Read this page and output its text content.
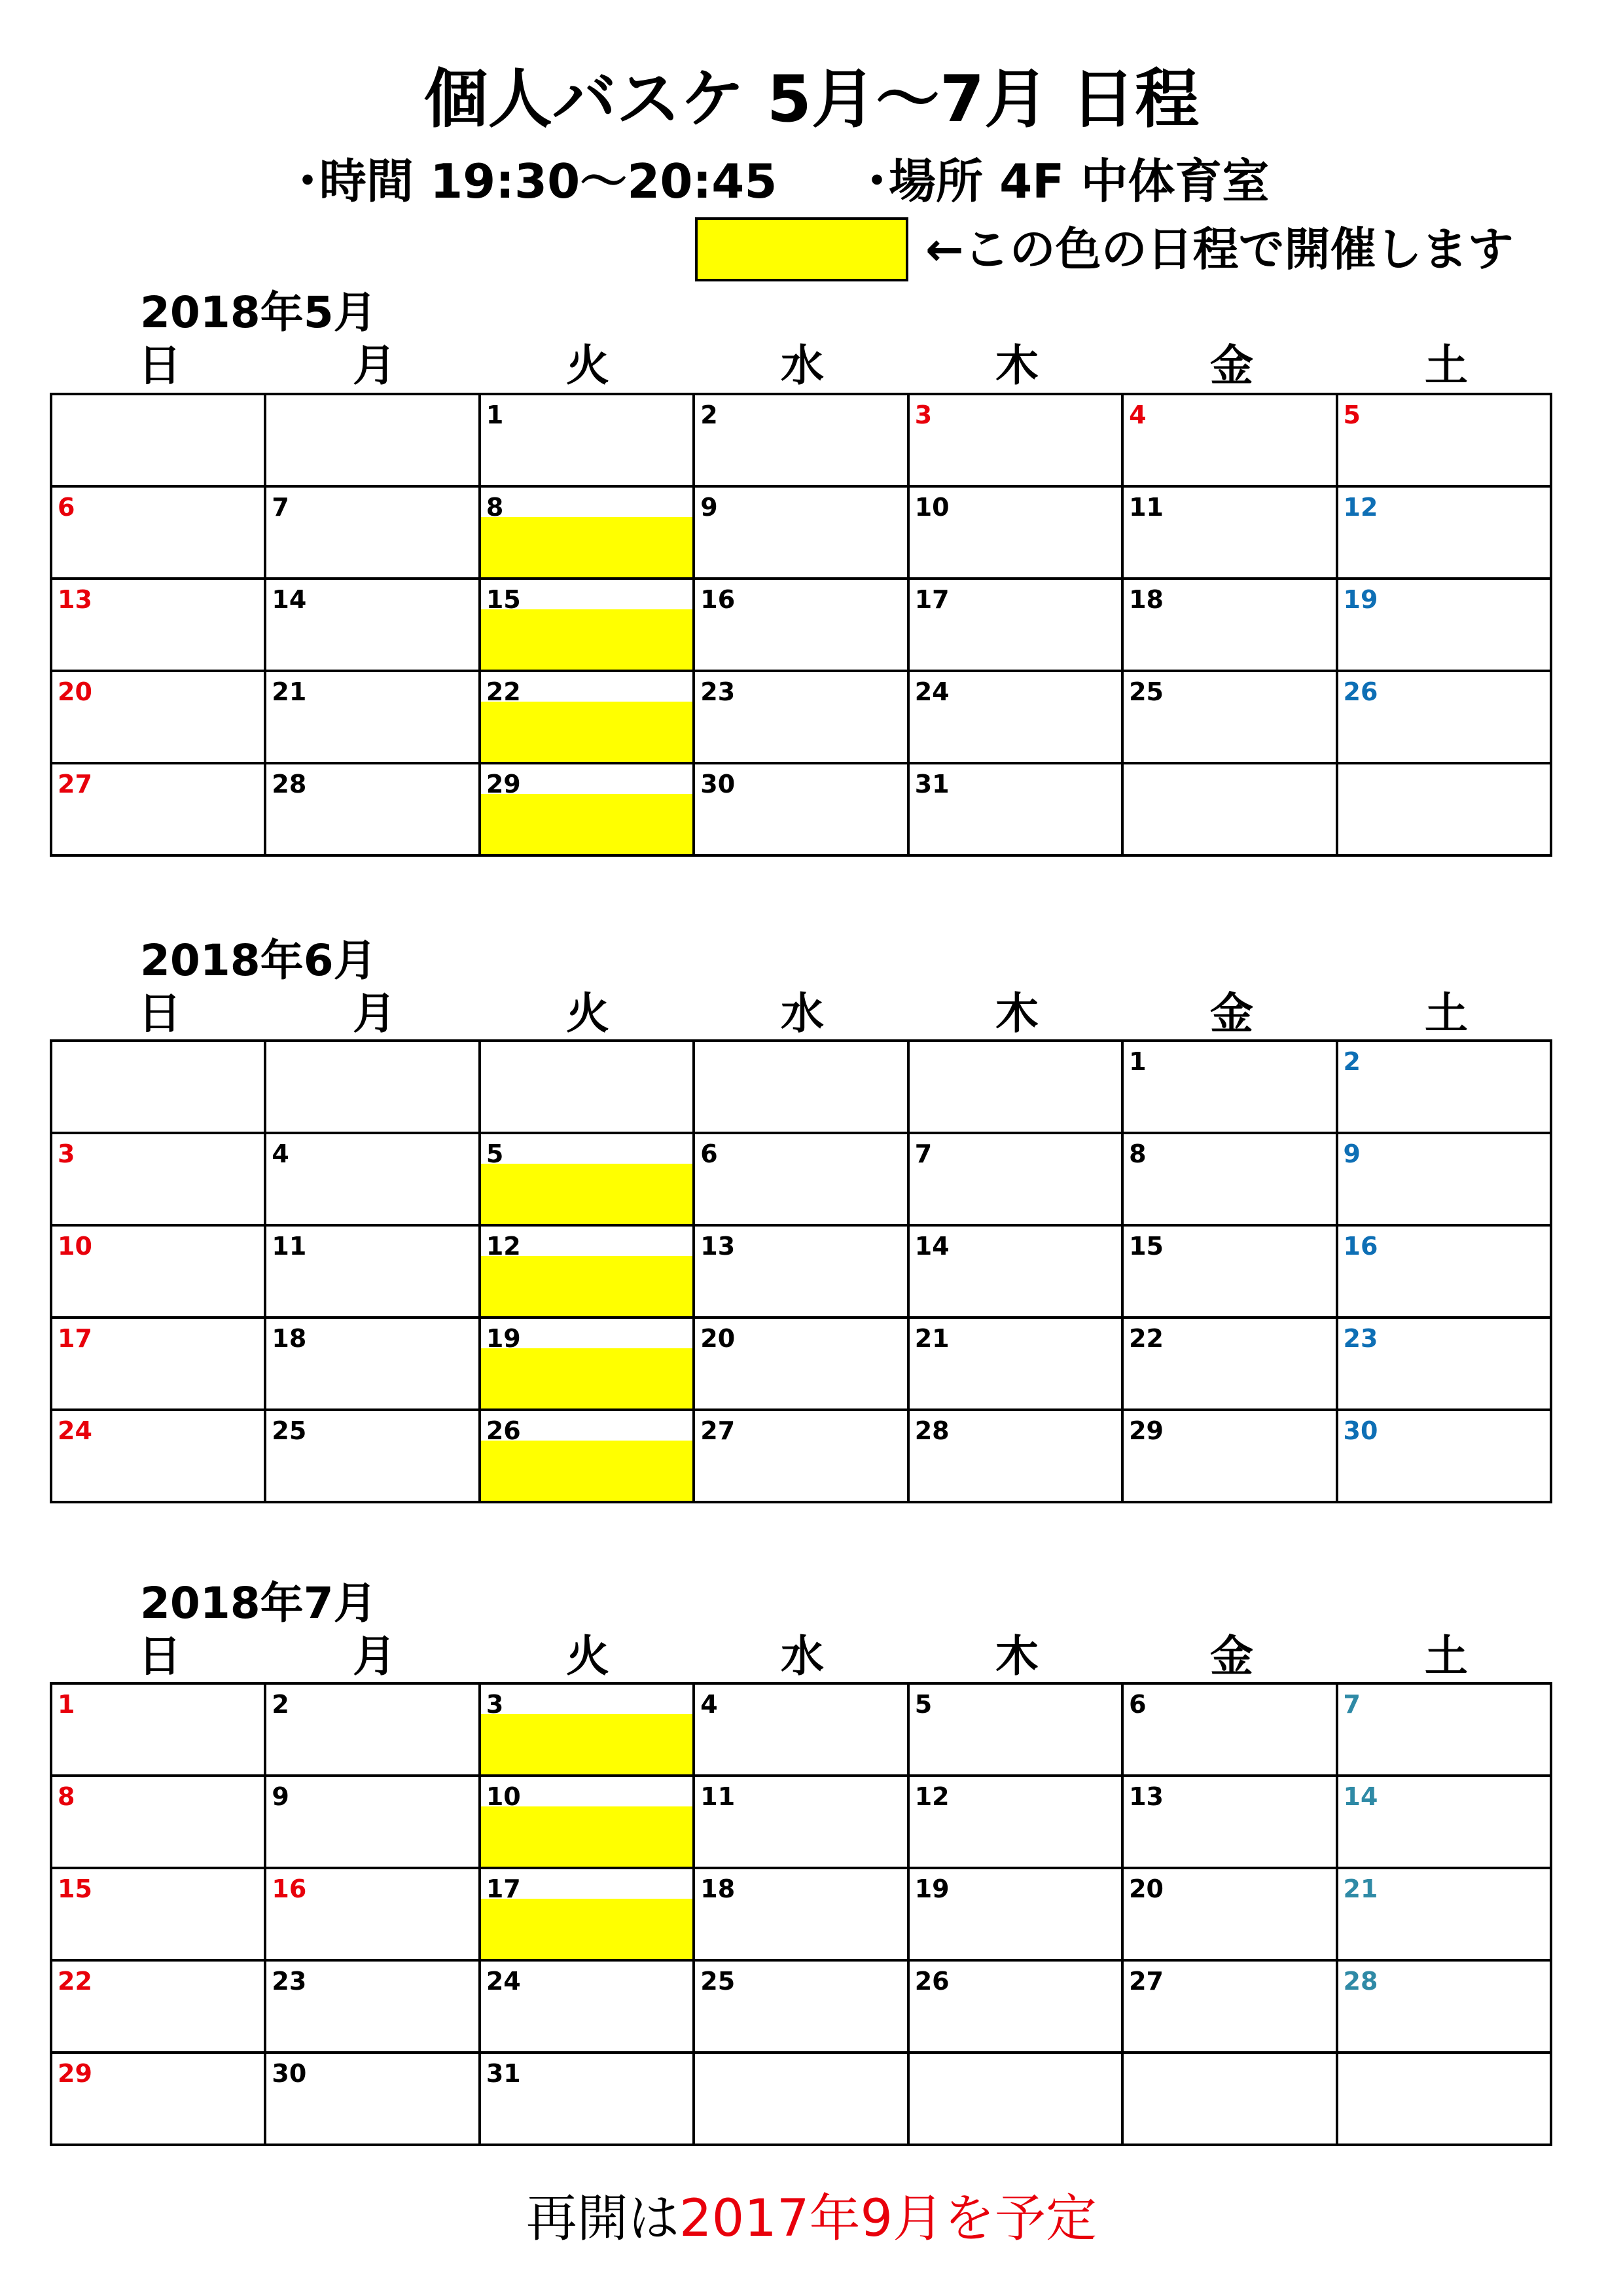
個人バスケ 5月～7月 日程
･時間 19:30～20:45 ･場所 4F 中体育室
←この色の日程で開催します
2018年5月
日	月	火	水	木	金	土

		1	2	3	4	5

6	7	8	9	10	11	12

13	14	15	16	17	18	19

20	21	22	23	24	25	26

27	28	29	30	31		

2018年6月
日	月	火	水	木	金	土

					1	2

3	4	5	6	7	8	9

10	11	12	13	14	15	16

17	18	19	20	21	22	23

24	25	26	27	28	29	30
2018年7月
日	月	火	水	木	金	土
1	2	3	4	5	6	7

8	9	10	11	12	13	14

15	16	17	18	19	20	21

22	23	24	25	26	27	28

29	30	31				

再開は2017年9月を予定
